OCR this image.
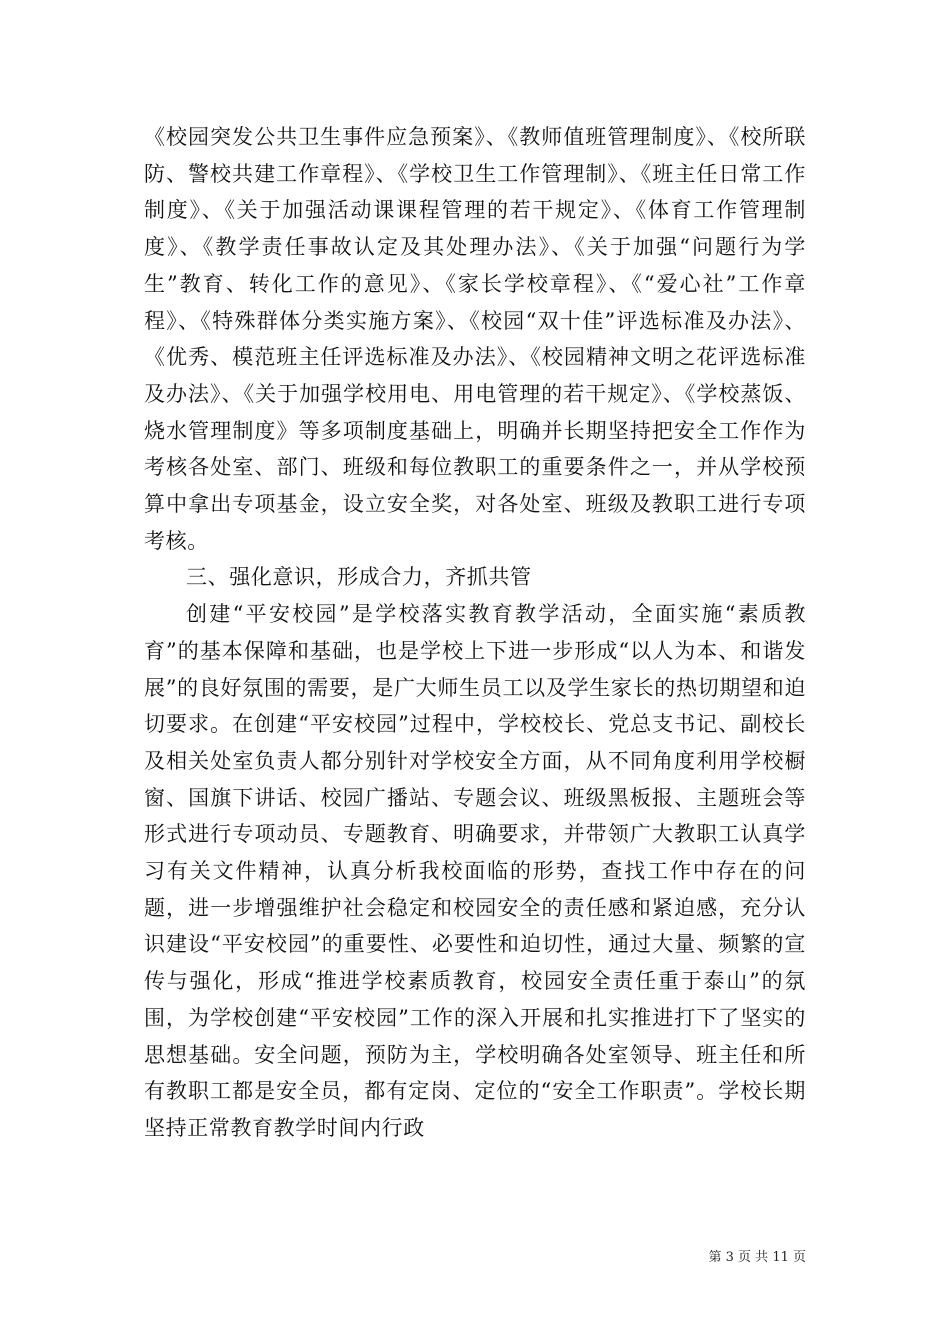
《校园突发公共卫生事件应急预案》、《教师值班管理制度》、《校所联防、警校共建工作章程》、《学校卫生工作管理制》、《班主任日常工作制度》、《关于加强活动课课程管理的若干规定》、《体育工作管理制度》、《教学责任事故认定及其处理办法》、《关于加强“问题行为学生”教育、转化工作的意见》、《家长学校章程》、《“爱心社”工作章程》、《特殊群体分类实施方案》、《校园“双十佳”评选标准及办法》、《优秀、模范班主任评选标准及办法》、《校园精神文明之花评选标准及办法》、《关于加强学校用电、用电管理的若干规定》、《学校蒸饭、烧水管理制度》等多项制度基础上，明确并长期坚持把安全工作作为考核各处室、部门、班级和每位教职工的重要条件之一，并从学校预算中拿出专项基金，设立安全奖，对各处室、班级及教职工进行专项考核。

三、强化意识，形成合力，齐抓共管

创建“平安校园”是学校落实教育教学活动，全面实施“素质教育”的基本保障和基础，也是学校上下进一步形成“以人为本、和谐发展”的良好氛围的需要，是广大师生员工以及学生家长的热切期望和迫切要求。在创建“平安校园”过程中，学校校长、党总支书记、副校长及相关处室负责人都分别针对学校安全方面，从不同角度利用学校橱窗、国旗下讲话、校园广播站、专题会议、班级黑板报、主题班会等形式进行专项动员、专题教育、明确要求，并带领广大教职工认真学习有关文件精神，认真分析我校面临的形势，查找工作中存在的问题，进一步增强维护社会稳定和校园安全的责任感和紧迫感，充分认识建设“平安校园”的重要性、必要性和迫切性，通过大量、频繁的宣传与强化，形成“推进学校素质教育，校园安全责任重于泰山”的氛围，为学校创建“平安校园”工作的深入开展和扎实推进打下了坚实的思想基础。安全问题，预防为主，学校明确各处室领导、班主任和所有教职工都是安全员，都有定岗、定位的“安全工作职责”。学校长期坚持正常教育教学时间内行政

第 3 页 共 11 页
